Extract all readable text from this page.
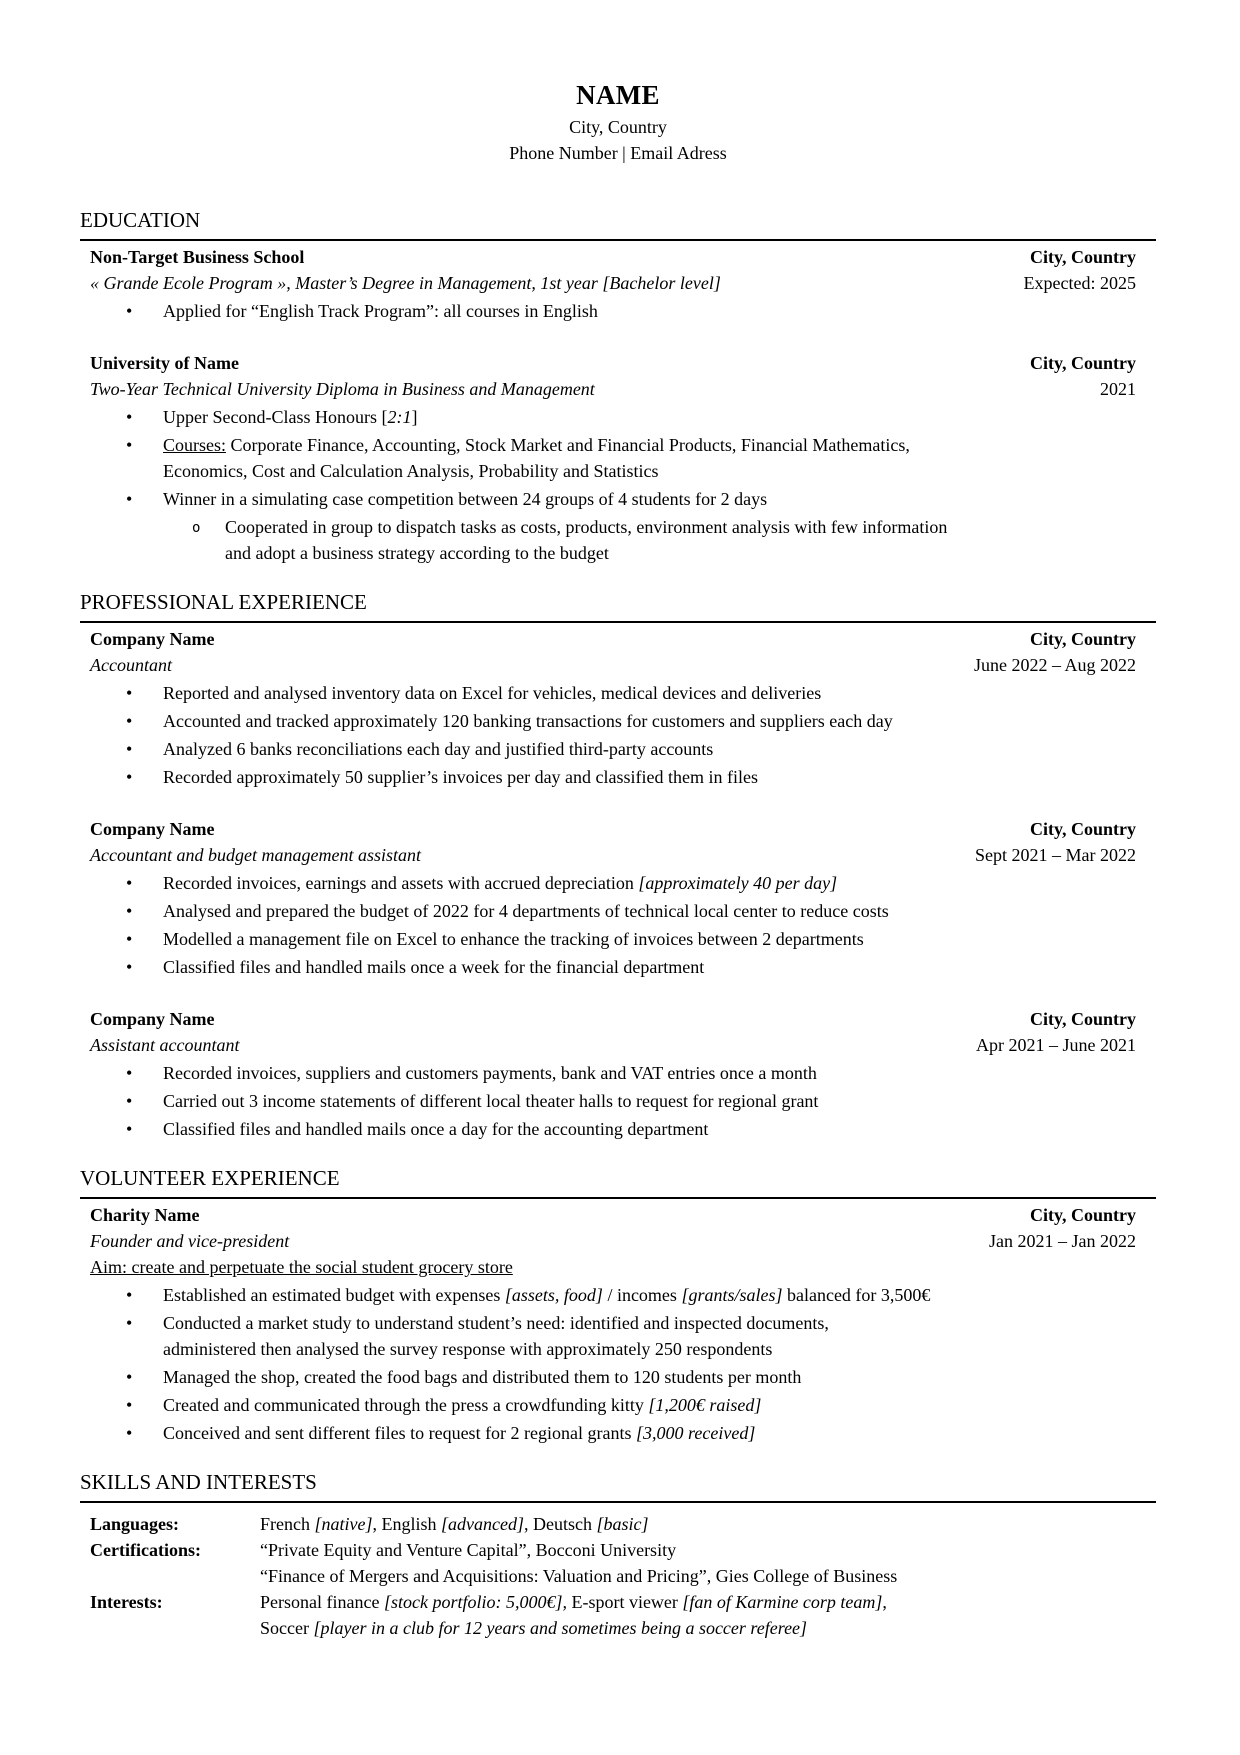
NAME
City, Country
Phone Number | Email Adress
EDUCATION
Non-Target Business School	City, Country
« Grande Ecole Program », Master’s Degree in Management, 1st year [Bachelor level]	Expected: 2025
• Applied for “English Track Program”: all courses in English
University of Name	City, Country
Two-Year Technical University Diploma in Business and Management	2021
• Upper Second-Class Honours [2:1]
• Courses: Corporate Finance, Accounting, Stock Market and Financial Products, Financial Mathematics,
Economics, Cost and Calculation Analysis, Probability and Statistics
• Winner in a simulating case competition between 24 groups of 4 students for 2 days
o Cooperated in group to dispatch tasks as costs, products, environment analysis with few information
and adopt a business strategy according to the budget
PROFESSIONAL EXPERIENCE
Company Name	City, Country
Accountant	June 2022 – Aug 2022
• Reported and analysed inventory data on Excel for vehicles, medical devices and deliveries
• Accounted and tracked approximately 120 banking transactions for customers and suppliers each day
• Analyzed 6 banks reconciliations each day and justified third-party accounts
• Recorded approximately 50 supplier’s invoices per day and classified them in files
Company Name	City, Country
Accountant and budget management assistant	Sept 2021 – Mar 2022
• Recorded invoices, earnings and assets with accrued depreciation [approximately 40 per day]
• Analysed and prepared the budget of 2022 for 4 departments of technical local center to reduce costs
• Modelled a management file on Excel to enhance the tracking of invoices between 2 departments
• Classified files and handled mails once a week for the financial department
Company Name	City, Country
Assistant accountant	Apr 2021 – June 2021
• Recorded invoices, suppliers and customers payments, bank and VAT entries once a month
• Carried out 3 income statements of different local theater halls to request for regional grant
• Classified files and handled mails once a day for the accounting department
VOLUNTEER EXPERIENCE
Charity Name	City, Country
Founder and vice-president	Jan 2021 – Jan 2022
Aim: create and perpetuate the social student grocery store
• Established an estimated budget with expenses [assets, food] / incomes [grants/sales] balanced for 3,500€
• Conducted a market study to understand student’s need: identified and inspected documents,
administered then analysed the survey response with approximately 250 respondents
• Managed the shop, created the food bags and distributed them to 120 students per month
• Created and communicated through the press a crowdfunding kitty [1,200€ raised]
• Conceived and sent different files to request for 2 regional grants [3,000 received]
SKILLS AND INTERESTS
Languages:	French [native], English [advanced], Deutsch [basic]
Certifications:	“Private Equity and Venture Capital”, Bocconi University
“Finance of Mergers and Acquisitions: Valuation and Pricing”, Gies College of Business
Interests:	Personal finance [stock portfolio: 5,000€], E-sport viewer [fan of Karmine corp team],
Soccer [player in a club for 12 years and sometimes being a soccer referee]
